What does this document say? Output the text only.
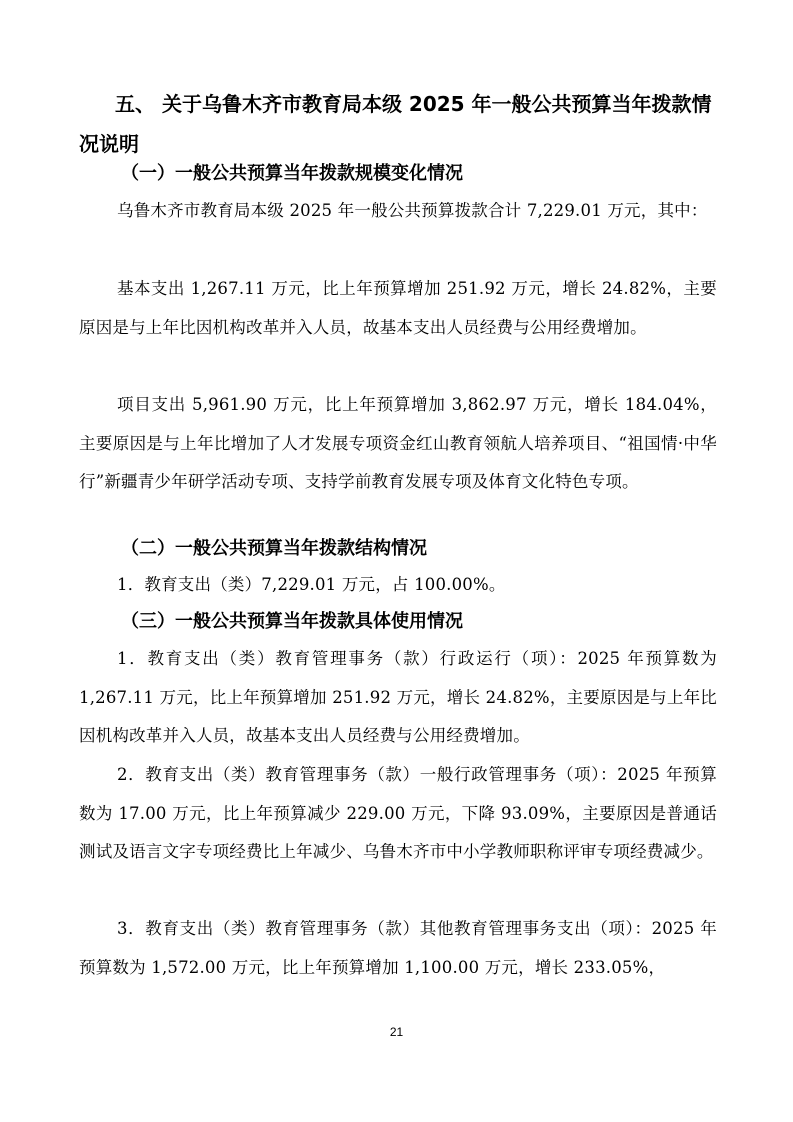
五、 关于乌鲁木齐市教育局本级 2025 年一般公共预算当年拨款情况说明

（一）一般公共预算当年拨款规模变化情况

乌鲁木齐市教育局本级 2025 年一般公共预算拨款合计 7,229.01 万元，其中：

基本支出 1,267.11 万元，比上年预算增加 251.92 万元，增长 24.82%，主要原因是与上年比因机构改革并入人员，故基本支出人员经费与公用经费增加。

项目支出 5,961.90 万元，比上年预算增加 3,862.97 万元，增长 184.04%，主要原因是与上年比增加了人才发展专项资金红山教育领航人培养项目、“祖国情·中华行”新疆青少年研学活动专项、支持学前教育发展专项及体育文化特色专项。

（二）一般公共预算当年拨款结构情况

1．教育支出（类）7,229.01 万元，占 100.00%。

（三）一般公共预算当年拨款具体使用情况

1．教育支出（类）教育管理事务（款）行政运行（项）：2025 年预算数为 1,267.11 万元，比上年预算增加 251.92 万元，增长 24.82%，主要原因是与上年比因机构改革并入人员，故基本支出人员经费与公用经费增加。

2．教育支出（类）教育管理事务（款）一般行政管理事务（项）：2025 年预算数为 17.00 万元，比上年预算减少 229.00 万元，下降 93.09%，主要原因是普通话测试及语言文字专项经费比上年减少、乌鲁木齐市中小学教师职称评审专项经费减少。

3．教育支出（类）教育管理事务（款）其他教育管理事务支出（项）：2025 年预算数为 1,572.00 万元，比上年预算增加 1,100.00 万元，增长 233.05%，

21
